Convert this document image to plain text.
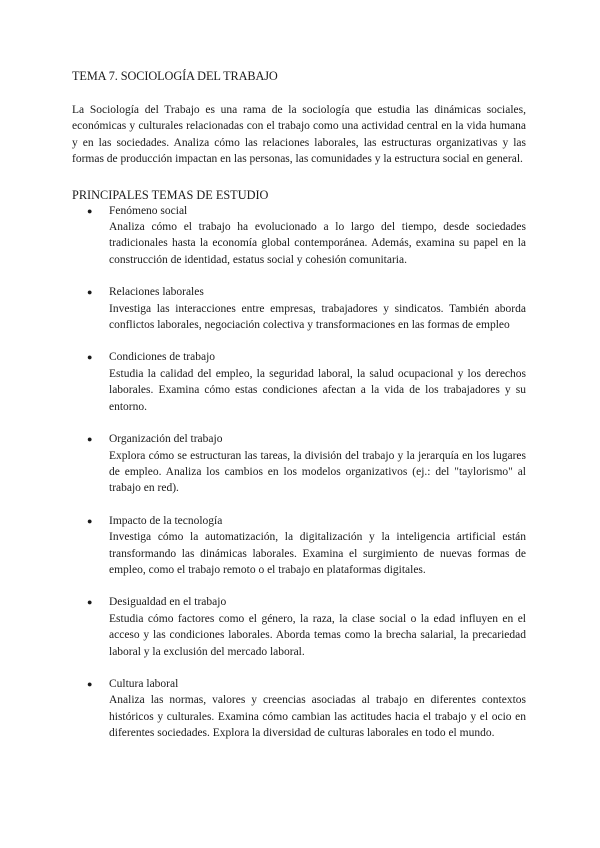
TEMA 7. SOCIOLOGÍA DEL TRABAJO

La Sociología del Trabajo es una rama de la sociología que estudia las dinámicas sociales, económicas y culturales relacionadas con el trabajo como una actividad central en la vida humana y en las sociedades. Analiza cómo las relaciones laborales, las estructuras organizativas y las formas de producción impactan en las personas, las comunidades y la estructura social en general.

PRINCIPALES TEMAS DE ESTUDIO

● Fenómeno social

Analiza cómo el trabajo ha evolucionado a lo largo del tiempo, desde sociedades tradicionales hasta la economía global contemporánea. Además, examina su papel en la construcción de identidad, estatus social y cohesión comunitaria.

● Relaciones laborales

Investiga las interacciones entre empresas, trabajadores y sindicatos. También aborda conflictos laborales, negociación colectiva y transformaciones en las formas de empleo

● Condiciones de trabajo

Estudia la calidad del empleo, la seguridad laboral, la salud ocupacional y los derechos laborales. Examina cómo estas condiciones afectan a la vida de los trabajadores y su entorno.

● Organización del trabajo

Explora cómo se estructuran las tareas, la división del trabajo y la jerarquía en los lugares de empleo. Analiza los cambios en los modelos organizativos (ej.: del "taylorismo" al trabajo en red).

● Impacto de la tecnología

Investiga cómo la automatización, la digitalización y la inteligencia artificial están transformando las dinámicas laborales. Examina el surgimiento de nuevas formas de empleo, como el trabajo remoto o el trabajo en plataformas digitales.

● Desigualdad en el trabajo

Estudia cómo factores como el género, la raza, la clase social o la edad influyen en el acceso y las condiciones laborales. Aborda temas como la brecha salarial, la precariedad laboral y la exclusión del mercado laboral.

● Cultura laboral

Analiza las normas, valores y creencias asociadas al trabajo en diferentes contextos históricos y culturales. Examina cómo cambian las actitudes hacia el trabajo y el ocio en diferentes sociedades. Explora la diversidad de culturas laborales en todo el mundo.
